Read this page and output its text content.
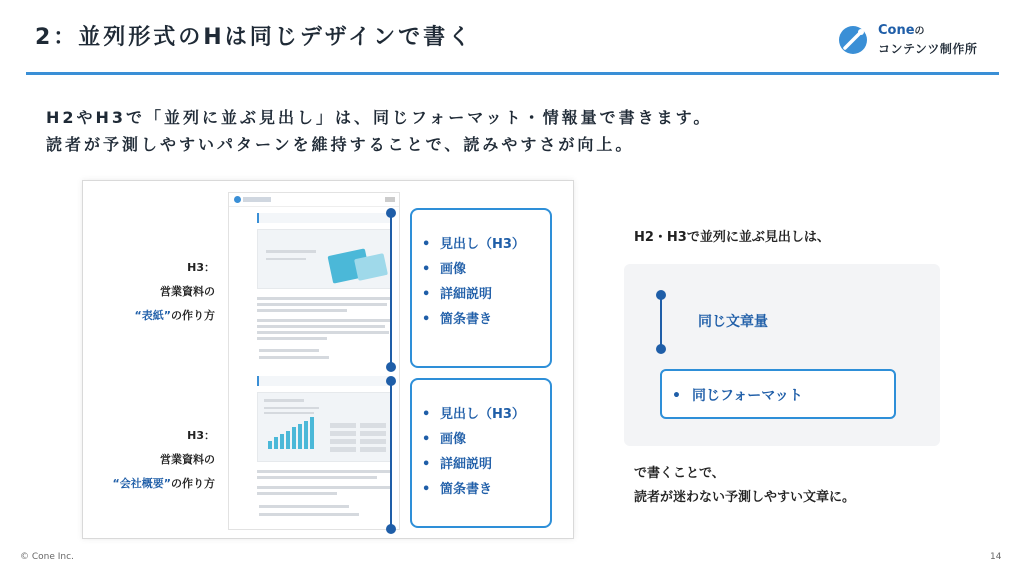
2：並列形式のHは同じデザインで書く	Coneの
コンテンツ制作所
H2やH3で「並列に並ぶ見出し」は、同じフォーマット・情報量で書きます。
読者が予測しやすいパターンを維持することで、読みやすさが向上。
H3：
営業資料の
“表紙”の作り方
H3：
営業資料の
“会社概要”の作り方
• 見出し（H3）
• 画像
• 詳細説明
• 箇条書き
• 見出し（H3）
• 画像
• 詳細説明
• 箇条書き
H2・H3で並列に並ぶ見出しは、
同じ文章量
• 同じフォーマット
で書くことで、
読者が迷わない予測しやすい文章に。
© Cone Inc.	14
